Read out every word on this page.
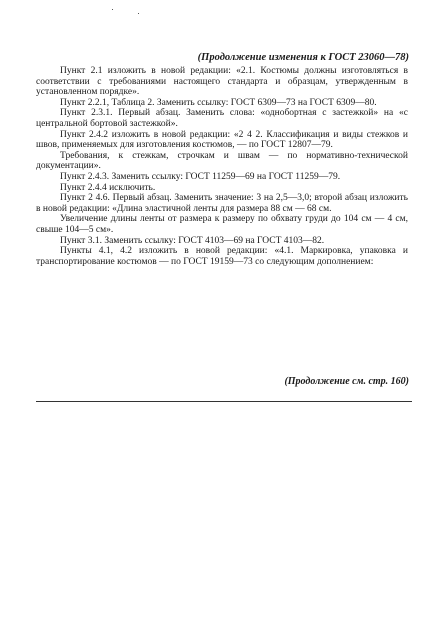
(Продолжение изменения к ГОСТ 23060—78)

Пункт 2.1 изложить в новой редакции: «2.1. Костюмы должны изготовляться в соответствии с требованиями настоящего стандарта и образцам, утвержденным в установленном порядке».

Пункт 2.2.1, Таблица 2. Заменить ссылку: ГОСТ 6309—73 на ГОСТ 6309—80.

Пункт 2.3.1. Первый абзац. Заменить слова: «однобортная с застежкой» на «с центральной бортовой застежкой».

Пункт 2.4.2 изложить в новой редакции: «2 4 2. Классификация и виды стежков и швов, применяемых для изготовления костюмов, — по ГОСТ 12807—79.

Требования, к стежкам, строчкам и швам — по нормативно-технической документации».

Пункт 2.4.3. Заменить ссылку: ГОСТ 11259—69 на ГОСТ 11259—79.

Пункт 2.4.4 исключить.

Пункт 2 4.6. Первый абзац. Заменить значение: 3 на 2,5—3,0; второй абзац изложить в новой редакции: «Длина эластичной ленты для размера 88 см — 68 см.

Увеличение длины ленты от размера к размеру по обхвату груди до 104 см — 4 см, свыше 104—5 см».

Пункт 3.1. Заменить ссылку: ГОСТ 4103—69 на ГОСТ 4103—82.

Пункты 4.1, 4.2 изложить в новой редакции: «4.1. Маркировка, упаковка и транспортирование костюмов — по ГОСТ 19159—73 со следующим дополнением:

(Продолжение см. стр. 160)
